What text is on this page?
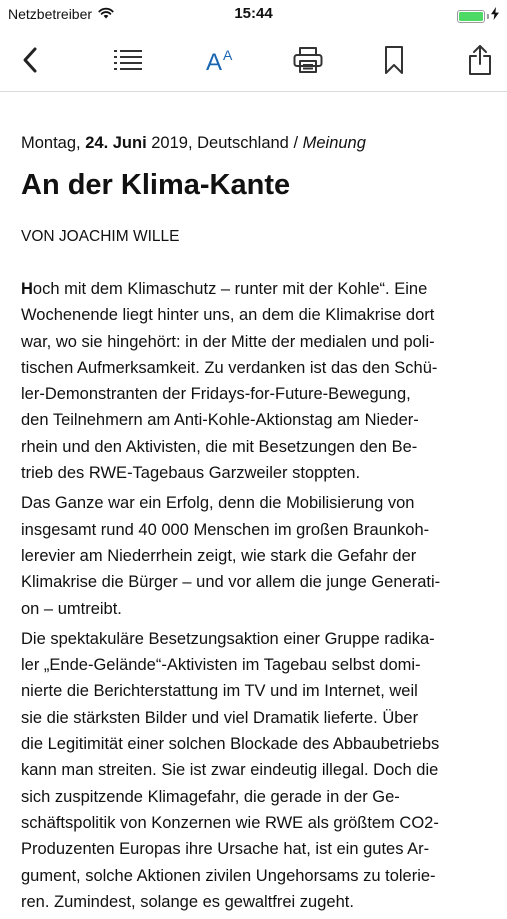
Netzbetreiber	15:44
A A
Montag, 24. Juni 2019, Deutschland / Meinung
An der Klima-Kante
VON JOACHIM WILLE
Hoch mit dem Klimaschutz – runter mit der Kohle“. Eine
Wochenende liegt hinter uns, an dem die Klimakrise dort
war, wo sie hingehört: in der Mitte der medialen und poli-
tischen Aufmerksamkeit. Zu verdanken ist das den Schü-
ler-Demonstranten der Fridays-for-Future-Bewegung,
den Teilnehmern am Anti-Kohle-Aktionstag am Nieder-
rhein und den Aktivisten, die mit Besetzungen den Be-
trieb des RWE-Tagebaus Garzweiler stoppten.
Das Ganze war ein Erfolg, denn die Mobilisierung von
insgesamt rund 40 000 Menschen im großen Braunkoh-
lerevier am Niederrhein zeigt, wie stark die Gefahr der
Klimakrise die Bürger – und vor allem die junge Generati-
on – umtreibt.
Die spektakuläre Besetzungsaktion einer Gruppe radika-
ler „Ende-Gelände“-Aktivisten im Tagebau selbst domi-
nierte die Berichterstattung im TV und im Internet, weil
sie die stärksten Bilder und viel Dramatik lieferte. Über
die Legitimität einer solchen Blockade des Abbaubetriebs
kann man streiten. Sie ist zwar eindeutig illegal. Doch die
sich zuspitzende Klimagefahr, die gerade in der Ge-
schäftspolitik von Konzernen wie RWE als größtem CO2-
Produzenten Europas ihre Ursache hat, ist ein gutes Ar-
gument, solche Aktionen zivilen Ungehorsams zu tolerie-
ren. Zumindest, solange es gewaltfrei zugeht.
